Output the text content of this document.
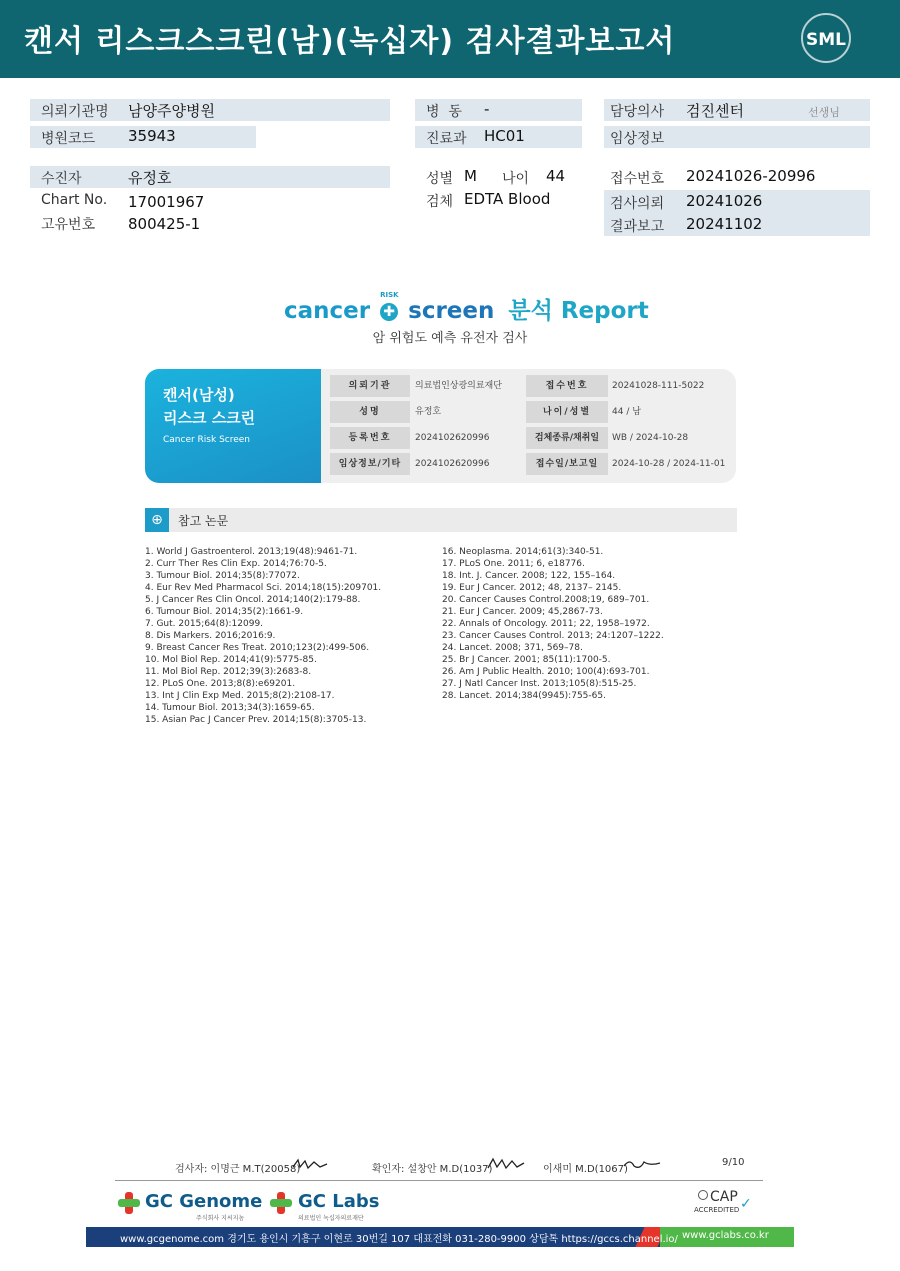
캔서 리스크스크린(남)(녹십자) 검사결과보고서	SML
의뢰기관명 남양주양병원
병원코드 35943
병  동 -
진료과 HC01
담당의사 검진센터	선생님
임상정보
수진자	유정호
Chart No. 17001967
고유번호 800425-1
성별 M 나이 44
검체 EDTA Blood
접수번호 20241026-20996
검사의뢰 20241026
결과보고 20241102
cancer
RISK
✚ screen 분석 Report
암 위험도 예측 유전자 검사
캔서(남성)
리스크 스크린
Cancer Risk Screen
의뢰기관	의료법인상광의료재단	접수번호	20241028-111-5022
성명	유정호	나이/성별	44 / 남
등록번호	2024102620996	검체종류/채취일	WB / 2024-10-28
임상정보/기타	2024102620996	접수일/보고일	2024-10-28 / 2024-11-01
⊕	참고 논문
1. World J Gastroenterol. 2013;19(48):9461-71.
2. Curr Ther Res Clin Exp. 2014;76:70-5.
3. Tumour Biol. 2014;35(8):77072.
4. Eur Rev Med Pharmacol Sci. 2014;18(15):209701.
5. J Cancer Res Clin Oncol. 2014;140(2):179-88.
6. Tumour Biol. 2014;35(2):1661-9.
7. Gut. 2015;64(8):12099.
8. Dis Markers. 2016;2016:9.
9. Breast Cancer Res Treat. 2010;123(2):499-506.
10. Mol Biol Rep. 2014;41(9):5775-85.
11. Mol Biol Rep. 2012;39(3):2683-8.
12. PLoS One. 2013;8(8):e69201.
13. Int J Clin Exp Med. 2015;8(2):2108-17.
14. Tumour Biol. 2013;34(3):1659-65.
15. Asian Pac J Cancer Prev. 2014;15(8):3705-13.
16. Neoplasma. 2014;61(3):340-51.
17. PLoS One. 2011; 6, e18776.
18. Int. J. Cancer. 2008; 122, 155–164.
19. Eur J Cancer. 2012; 48, 2137– 2145.
20. Cancer Causes Control.2008;19, 689–701.
21. Eur J Cancer. 2009; 45,2867-73.
22. Annals of Oncology. 2011; 22, 1958–1972.
23. Cancer Causes Control. 2013; 24:1207–1222.
24. Lancet. 2008; 371, 569–78.
25. Br J Cancer. 2001; 85(11):1700-5.
26. Am J Public Health. 2010; 100(4):693-701.
27. J Natl Cancer Inst. 2013;105(8):515-25.
28. Lancet. 2014;384(9945):755-65.
검사자: 이명근 M.T(20058)	확인자: 설창안 M.D(1037)	이새미 M.D(1067)
9/10
GC Genome
주식회사 지씨지놈
GC Labs
의료법인 녹십자의료재단
CAP
ACCREDITED ✓
www.gcgenome.com 경기도 용인시 기흥구 이현로 30번길 107 대표전화 031-280-9900 상담톡 https://gccs.channel.io/ www.gclabs.co.kr
